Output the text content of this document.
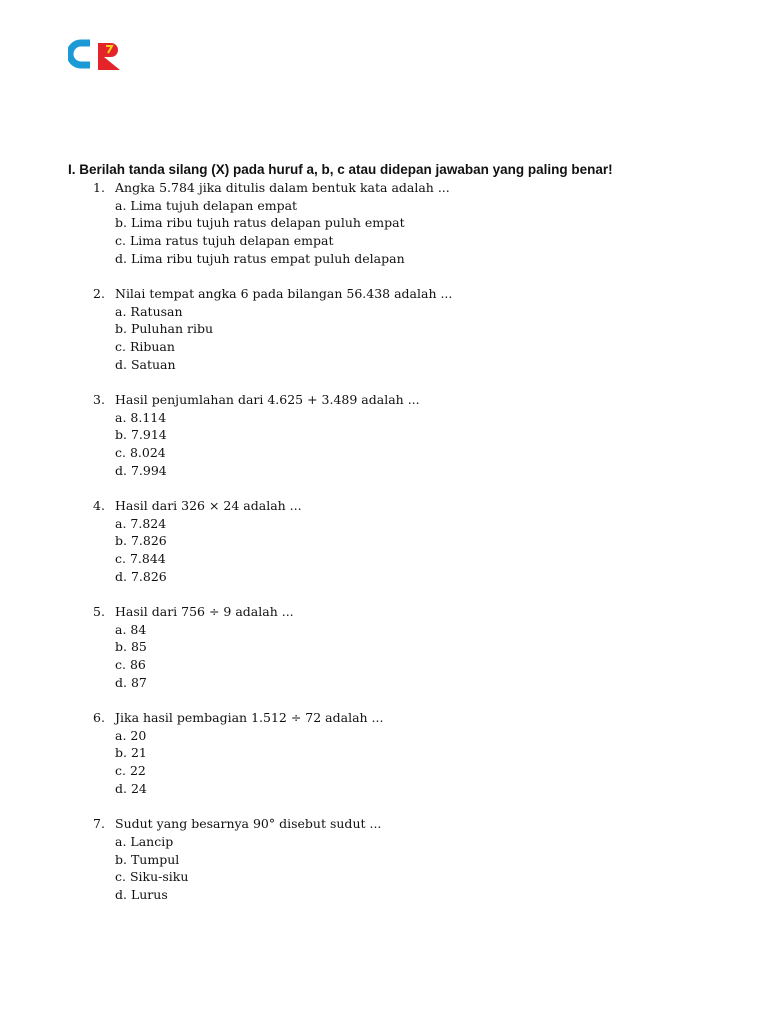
I. Berilah tanda silang (X) pada huruf a, b, c atau didepan jawaban yang paling benar!

1. Angka 5.784 jika ditulis dalam bentuk kata adalah ...
a. Lima tujuh delapan empat
b. Lima ribu tujuh ratus delapan puluh empat
c. Lima ratus tujuh delapan empat
d. Lima ribu tujuh ratus empat puluh delapan
2. Nilai tempat angka 6 pada bilangan 56.438 adalah ...
a. Ratusan
b. Puluhan ribu
c. Ribuan
d. Satuan
3. Hasil penjumlahan dari 4.625 + 3.489 adalah ...
a. 8.114
b. 7.914
c. 8.024
d. 7.994
4. Hasil dari 326 × 24 adalah ...
a. 7.824
b. 7.826
c. 7.844
d. 7.826
5. Hasil dari 756 ÷ 9 adalah ...
a. 84
b. 85
c. 86
d. 87
6. Jika hasil pembagian 1.512 ÷ 72 adalah ...
a. 20
b. 21
c. 22
d. 24
7. Sudut yang besarnya 90° disebut sudut ...
a. Lancip
b. Tumpul
c. Siku-siku
d. Lurus
